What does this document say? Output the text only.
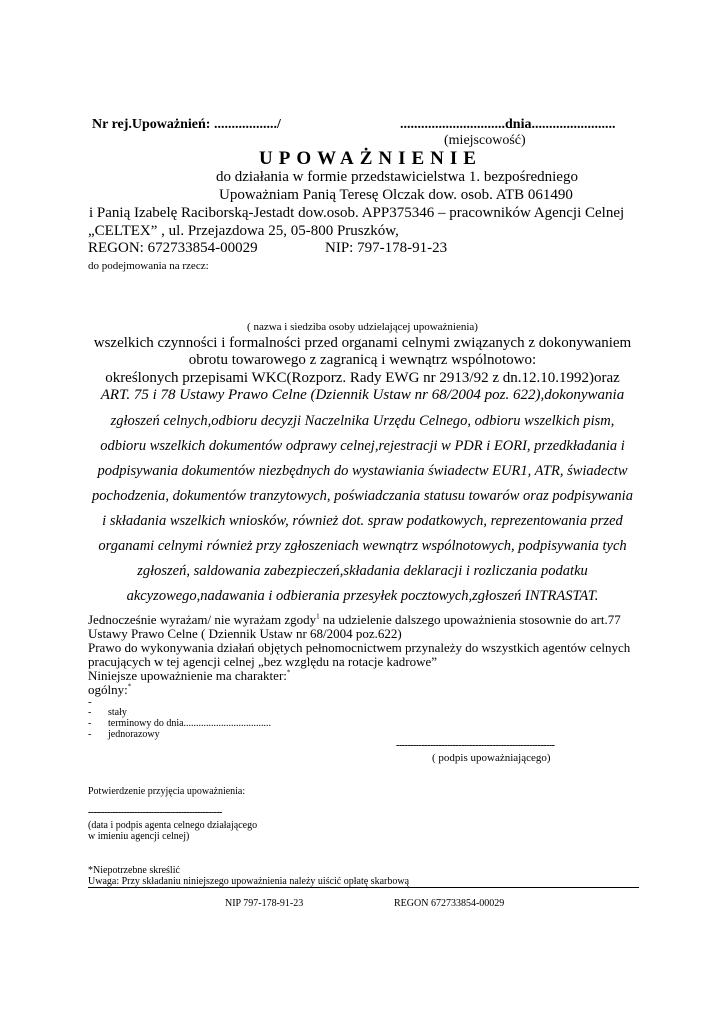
Nr rej.Upoważnień: ................../	..............................dnia........................
(miejscowość)
UPOWAŻNIENIE
do działania w formie przedstawicielstwa 1. bezpośredniego
Upoważniam Panią Teresę Olczak dow. osob. ATB 061490
i Panią Izabelę Raciborską-Jestadt dow.osob. APP375346 – pracowników Agencji Celnej
„CELTEX” , ul. Przejazdowa 25, 05-800 Pruszków,
REGON: 672733854-00029	NIP: 797-178-91-23
do podejmowania na rzecz:
( nazwa i siedziba osoby udzielającej upoważnienia)
wszelkich czynności i formalności przed organami celnymi związanych z dokonywaniem
obrotu towarowego z zagranicą i wewnątrz wspólnotowo:
określonych przepisami WKC(Rozporz. Rady EWG nr 2913/92 z dn.12.10.1992)oraz
ART. 75 i 78 Ustawy Prawo Celne (Dziennik Ustaw nr 68/2004 poz. 622),dokonywania
zgłoszeń celnych,odbioru decyzji Naczelnika Urzędu Celnego, odbioru wszelkich pism,
odbioru wszelkich dokumentów odprawy celnej,rejestracji w PDR i EORI, przedkładania i
podpisywania dokumentów niezbędnych do wystawiania świadectw EUR1, ATR, świadectw
pochodzenia, dokumentów tranzytowych, poświadczania statusu towarów oraz podpisywania
i składania wszelkich wniosków, również dot. spraw podatkowych, reprezentowania przed
organami celnymi również przy zgłoszeniach wewnątrz wspólnotowych, podpisywania tych
zgłoszeń, saldowania zabezpieczeń,składania deklaracji i rozliczania podatku
akcyzowego,nadawania i odbierania przesyłek pocztowych,zgłoszeń INTRASTAT.
Jednocześnie wyrażam/ nie wyrażam zgody$^1$ na udzielenie dalszego upoważnienia stosownie do art.77
Ustawy Prawo Celne ( Dziennik Ustaw nr 68/2004 poz.622)
Prawo do wykonywania działań objętych pełnomocnictwem przynależy do wszystkich agentów celnych
pracujących w tej agencji celnej „bez względu na rotacje kadrowe”
Niniejsze upoważnienie ma charakter:*
ogólny:*
-
- stały
- terminowy do dnia...................................
- jednorazowy
--------------------------------------------------------
( podpis upoważniającego)
Potwierdzenie przyjęcia upoważnienia:
-------------------------------------------------
(data i podpis agenta celnego działającego
w imieniu agencji celnej)
*Niepotrzebne skreślić
Uwaga: Przy składaniu niniejszego upoważnienia należy uiścić opłatę skarbową
NIP 797-178-91-23	REGON 672733854-00029
